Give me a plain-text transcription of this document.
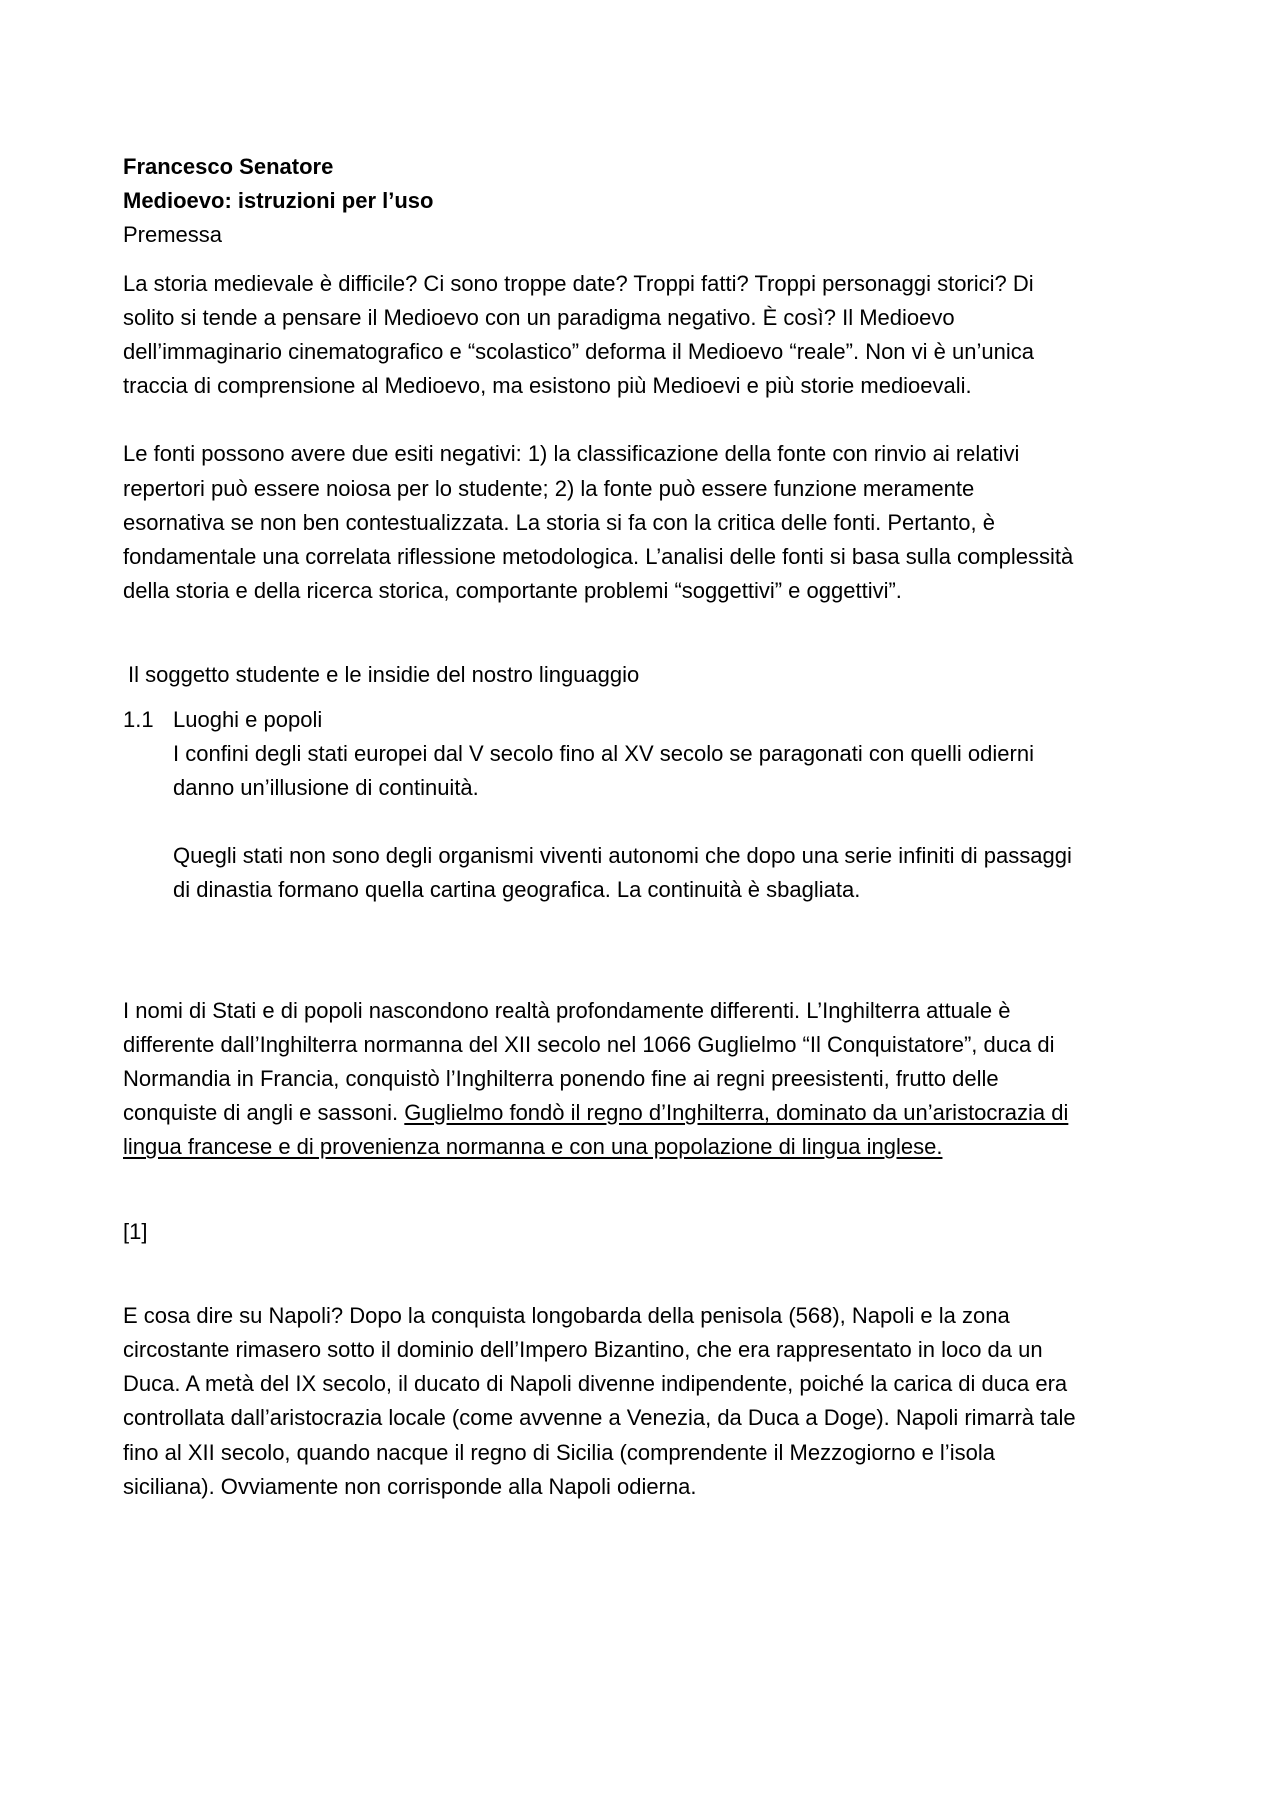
Francesco Senatore
Medioevo: istruzioni per l’uso
Premessa
La storia medievale è difficile? Ci sono troppe date? Troppi fatti? Troppi personaggi storici? Di
solito si tende a pensare il Medioevo con un paradigma negativo. È così? Il Medioevo
dell’immaginario cinematografico e “scolastico” deforma il Medioevo “reale”. Non vi è un’unica
traccia di comprensione al Medioevo, ma esistono più Medioevi e più storie medioevali.
Le fonti possono avere due esiti negativi: 1) la classificazione della fonte con rinvio ai relativi
repertori può essere noiosa per lo studente; 2) la fonte può essere funzione meramente
esornativa se non ben contestualizzata. La storia si fa con la critica delle fonti. Pertanto, è
fondamentale una correlata riflessione metodologica. L’analisi delle fonti si basa sulla complessità
della storia e della ricerca storica, comportante problemi “soggettivi” e oggettivi”.
Il soggetto studente e le insidie del nostro linguaggio
1.1 Luoghi e popoli
I confini degli stati europei dal V secolo fino al XV secolo se paragonati con quelli odierni
danno un’illusione di continuità.
Quegli stati non sono degli organismi viventi autonomi che dopo una serie infiniti di passaggi
di dinastia formano quella cartina geografica. La continuità è sbagliata.
I nomi di Stati e di popoli nascondono realtà profondamente differenti. L’Inghilterra attuale è
differente dall’Inghilterra normanna del XII secolo nel 1066 Guglielmo “Il Conquistatore”, duca di
Normandia in Francia, conquistò l’Inghilterra ponendo fine ai regni preesistenti, frutto delle
conquiste di angli e sassoni. Guglielmo fondò il regno d’Inghilterra, dominato da un’aristocrazia di
lingua francese e di provenienza normanna e con una popolazione di lingua inglese.
[1]
E cosa dire su Napoli? Dopo la conquista longobarda della penisola (568), Napoli e la zona
circostante rimasero sotto il dominio dell’Impero Bizantino, che era rappresentato in loco da un
Duca. A metà del IX secolo, il ducato di Napoli divenne indipendente, poiché la carica di duca era
controllata dall’aristocrazia locale (come avvenne a Venezia, da Duca a Doge). Napoli rimarrà tale
fino al XII secolo, quando nacque il regno di Sicilia (comprendente il Mezzogiorno e l’isola
siciliana). Ovviamente non corrisponde alla Napoli odierna.
